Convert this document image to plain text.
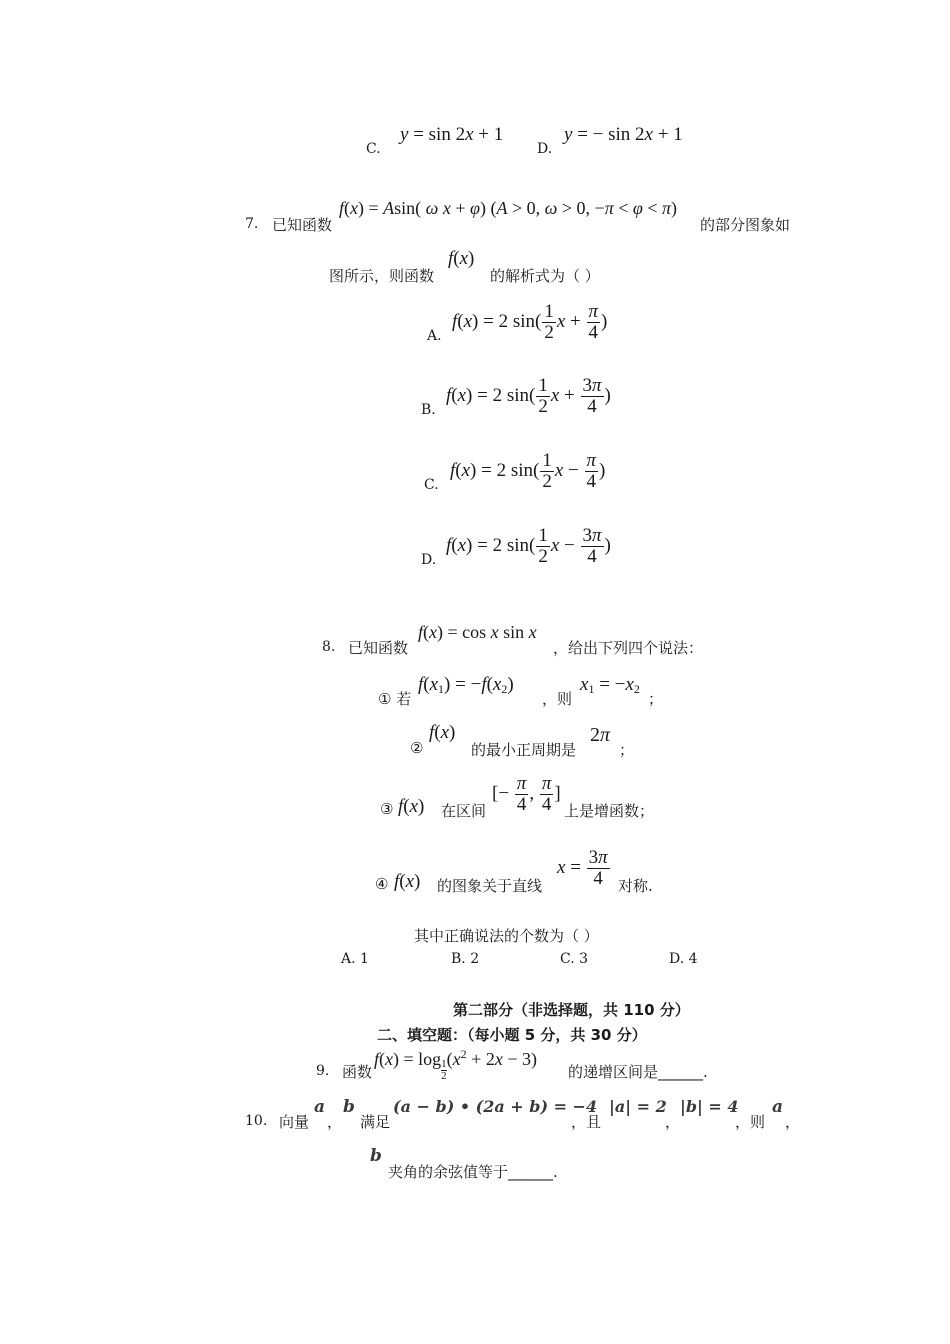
C.
y = sin 2x + 1
D.
y = − sin 2x + 1
7. 已知函数
f(x) = Asin( ω x + φ) (A > 0, ω > 0, −π < φ < π)
的部分图象如
图所示，则函数
f(x)
的解析式为（ ）
A.
f(x) = 2 $\sin( \frac{1}{2}$ $x + \frac{\pi}{4}$ )
B.
f(x) = 2 $\sin( \frac{1}{2}$ $x + \frac{3\pi}{4}$ )
C.
f(x) = 2 $\sin( \frac{1}{2}$ $x - \frac{\pi}{4}$ )
D.
f(x) = 2 $\sin( \frac{1}{2}$ $x - \frac{3\pi}{4}$ )
8. 已知函数
f(x) = cos x sin x
，给出下列四个说法：
① 若
$f(x_1) = -f(x_2)$
，则
$x_1 = -x_2$
；
②
f(x)
的最小正周期是
2π
；
③ f(x) 在区间
[− $\frac{\pi}{4}$ , $\frac{\pi}{4}$ ]
上是增函数；
④ f(x) 的图象关于直线
$x = \frac{3\pi}{4}$ 对称.
其中正确说法的个数为（ ）
A. 1	B. 2	C. 3	D. 4
第二部分（非选择题，共 110 分）
二、填空题：（每小题 5 分，共 30 分）
9. 函数
$f(x) = \log \frac{1}{2} (x^2 + 2x - 3)$
的递增区间是______.
10. 向量
a
，
b
满足
(a − b) • (2a + b) = −4
，且
|a| = 2
，
|b| = 4
，则
a
，
b
夹角的余弦值等于______.
